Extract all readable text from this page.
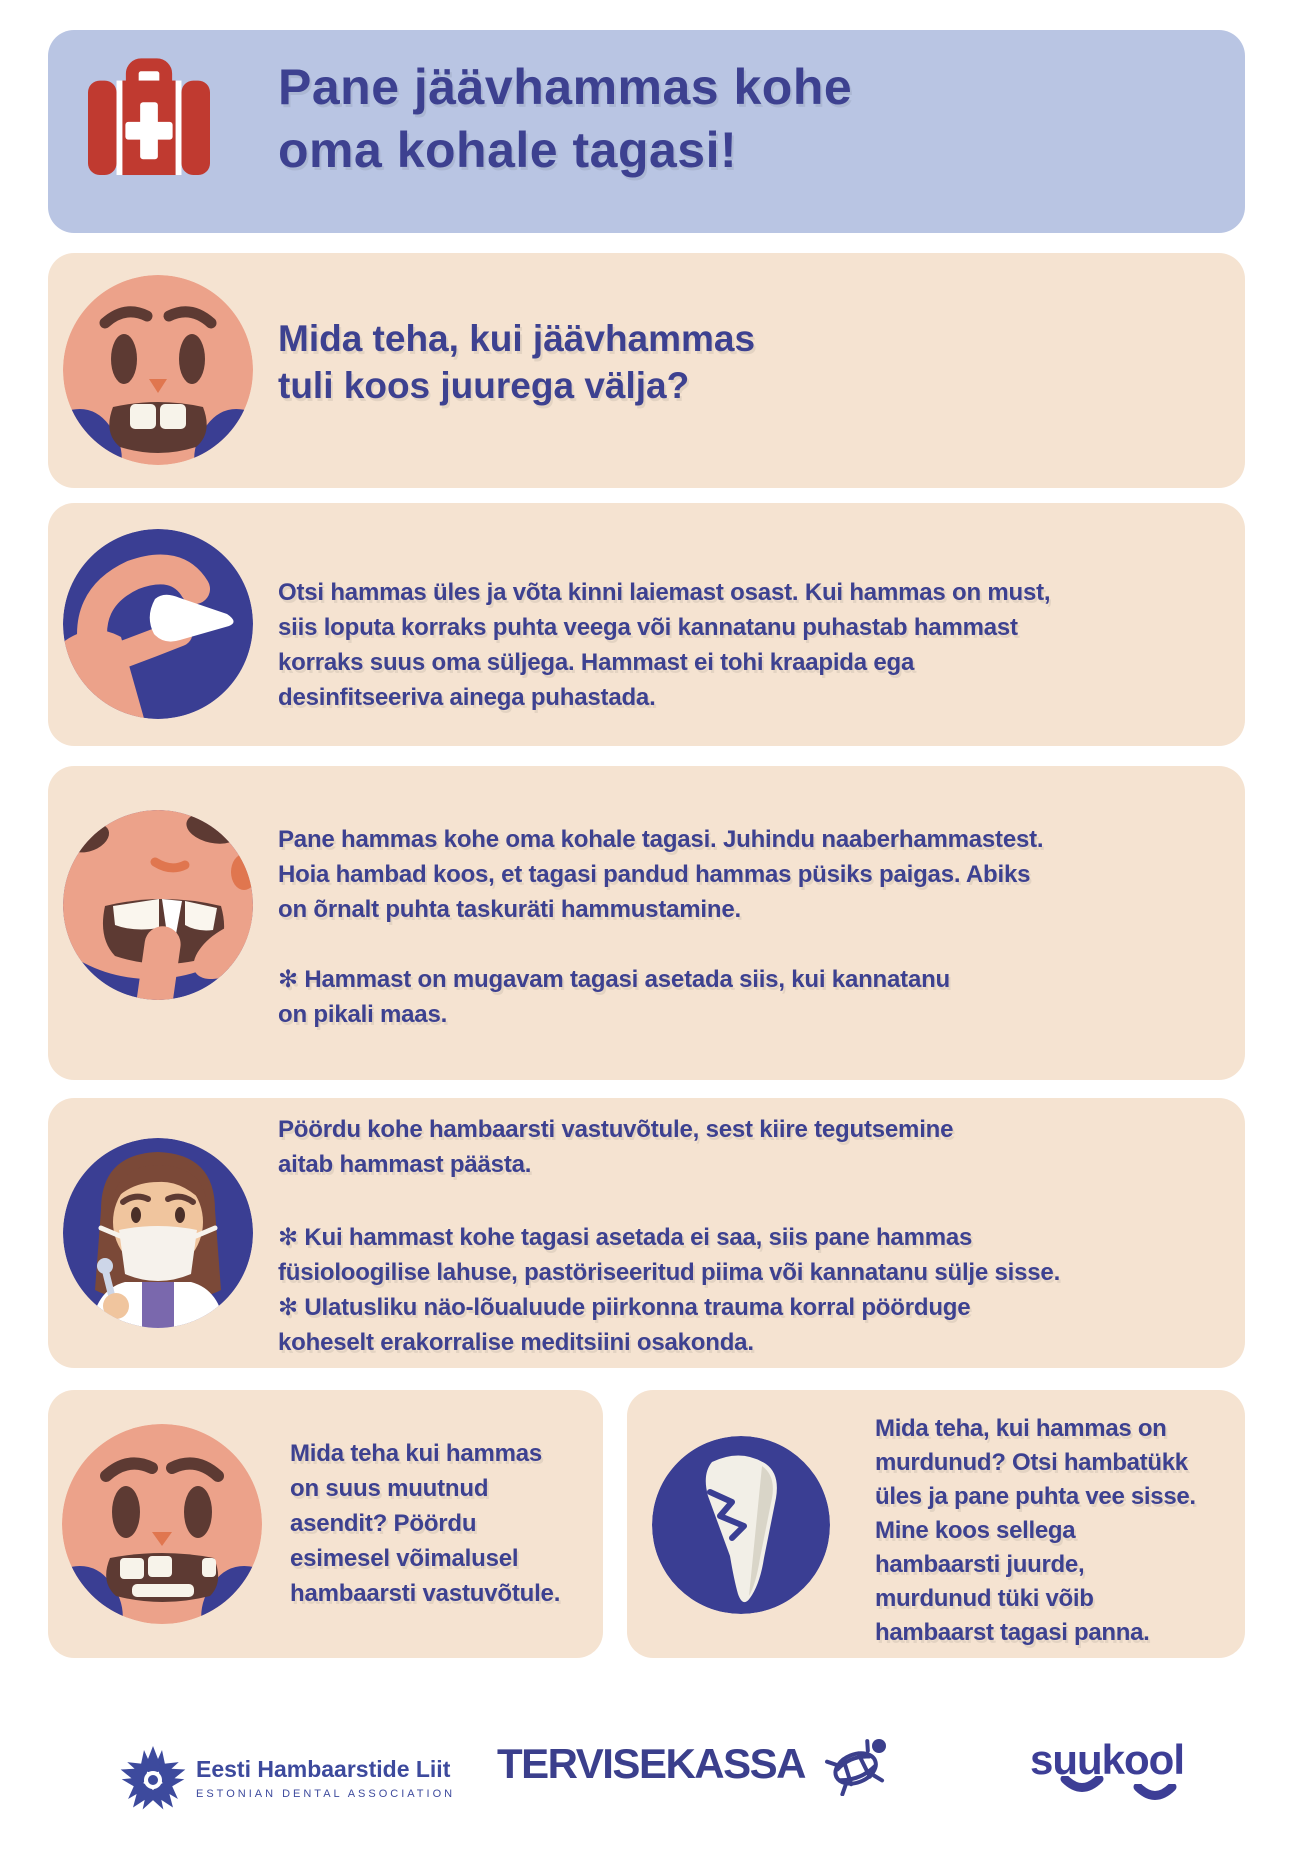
Pane jäävhammas kohe
oma kohale tagasi!
Mida teha, kui jäävhammas
tuli koos juurega välja?
Otsi hammas üles ja võta kinni laiemast osast. Kui hammas on must,
siis loputa korraks puhta veega või kannatanu puhastab hammast
korraks suus oma süljega. Hammast ei tohi kraapida ega
desinfitseeriva ainega puhastada.
Pane hammas kohe oma kohale tagasi. Juhindu naaberhammastest.
Hoia hambad koos, et tagasi pandud hammas püsiks paigas. Abiks
on õrnalt puhta taskuräti hammustamine.
✻ Hammast on mugavam tagasi asetada siis, kui kannatanu
on pikali maas.
Pöördu kohe hambaarsti vastuvõtule, sest kiire tegutsemine
aitab hammast päästa.
✻ Kui hammast kohe tagasi asetada ei saa, siis pane hammas
füsioloogilise lahuse, pastöriseeritud piima või kannatanu sülje sisse.
✻ Ulatusliku näo-lõualuude piirkonna trauma korral pöörduge
koheselt erakorralise meditsiini osakonda.
Mida teha kui hammas
on suus muutnud
asendit? Pöördu
esimesel võimalusel
hambaarsti vastuvõtule.
Mida teha, kui hammas on
murdunud? Otsi hambatükk
üles ja pane puhta vee sisse.
Mine koos sellega
hambaarsti juurde,
murdunud tüki võib
hambaarst tagasi panna.
Eesti Hambaarstide Liit
ESTONIAN DENTAL ASSOCIATION
TERVISEKASSA	suukool
